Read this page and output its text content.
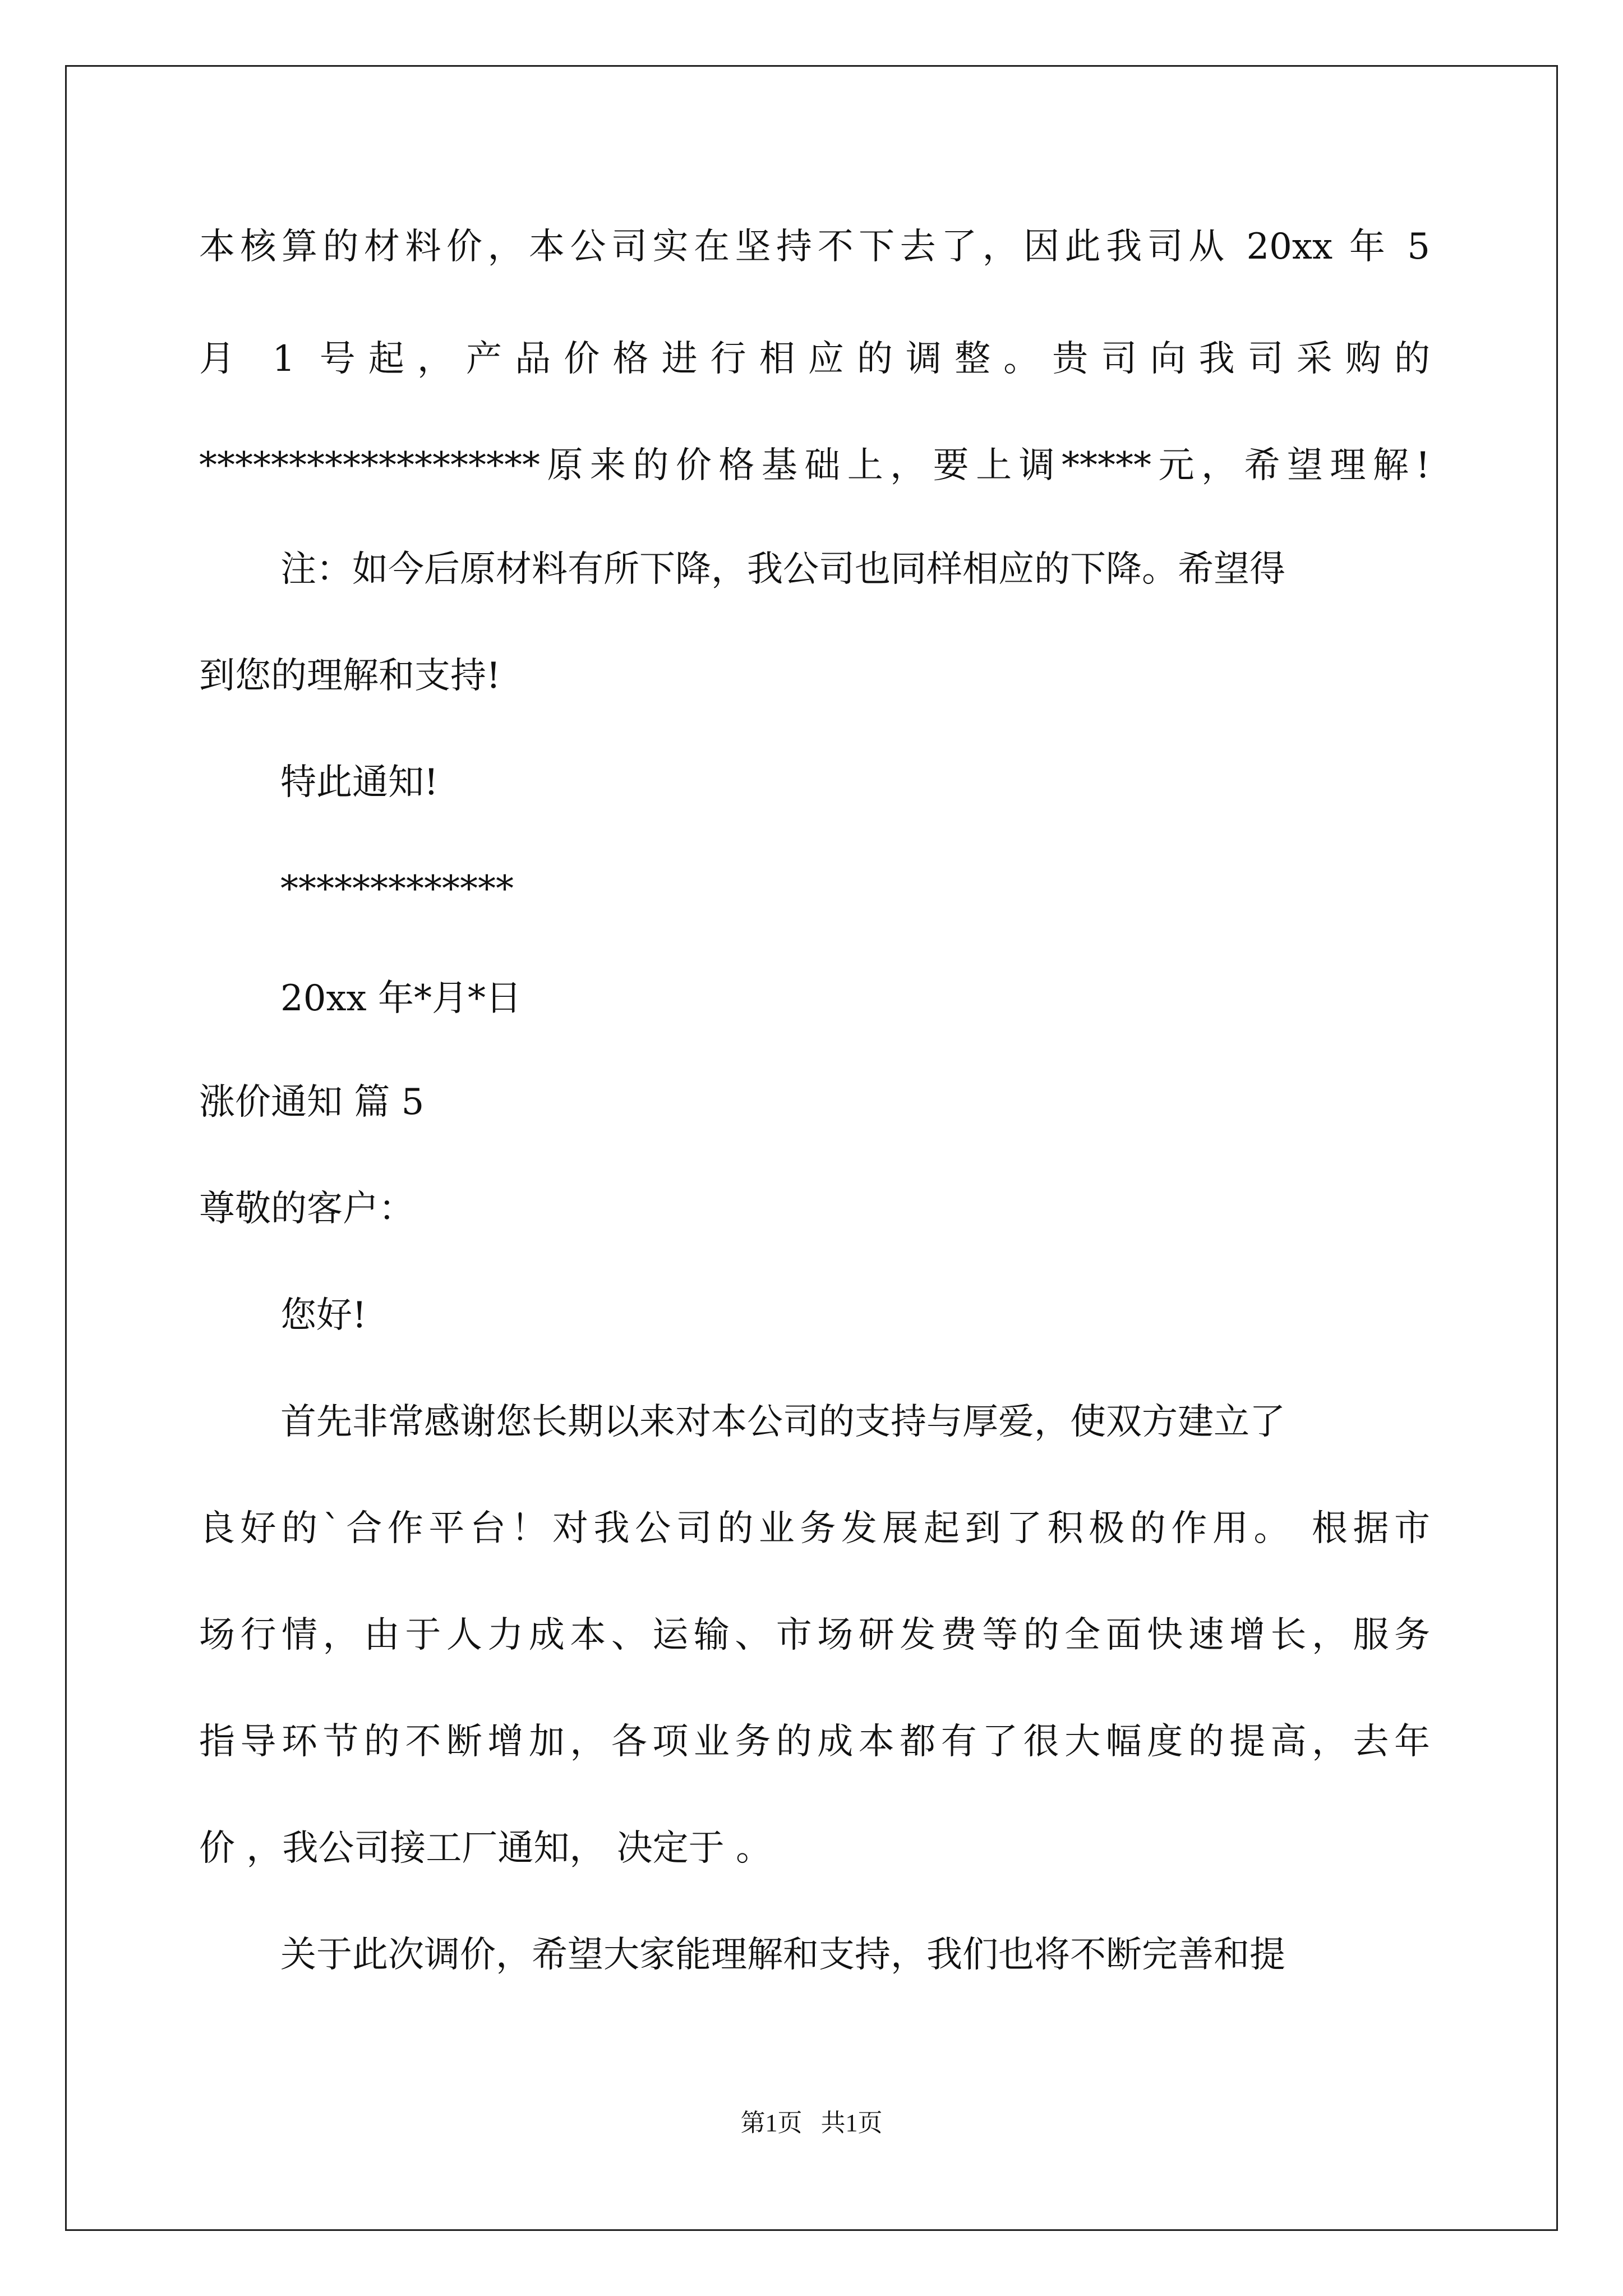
本核算的材料价，本公司实在坚持不下去了，因此我司从 20xx 年 5
月 1 号起，产品价格进行相应的调整。贵司向我司采购的
*******************原来的价格基础上，要上调*****元，希望理解!
注：如今后原材料有所下降，我公司也同样相应的下降。希望得
到您的理解和支持!
特此通知!
*************
20xx 年*月*日
涨价通知 篇 5
尊敬的客户：
您好!
首先非常感谢您长期以来对本公司的支持与厚爱，使双方建立了
良好的`合作平台！对我公司的业务发展起到了积极的作用。 根据市
场行情，由于人力成本、运输、市场研发费等的全面快速增长，服务
指导环节的不断增加，各项业务的成本都有了很大幅度的提高，去年
价 ，我公司接工厂通知， 决定于 。
关于此次调价，希望大家能理解和支持，我们也将不断完善和提
第1页   共1页
